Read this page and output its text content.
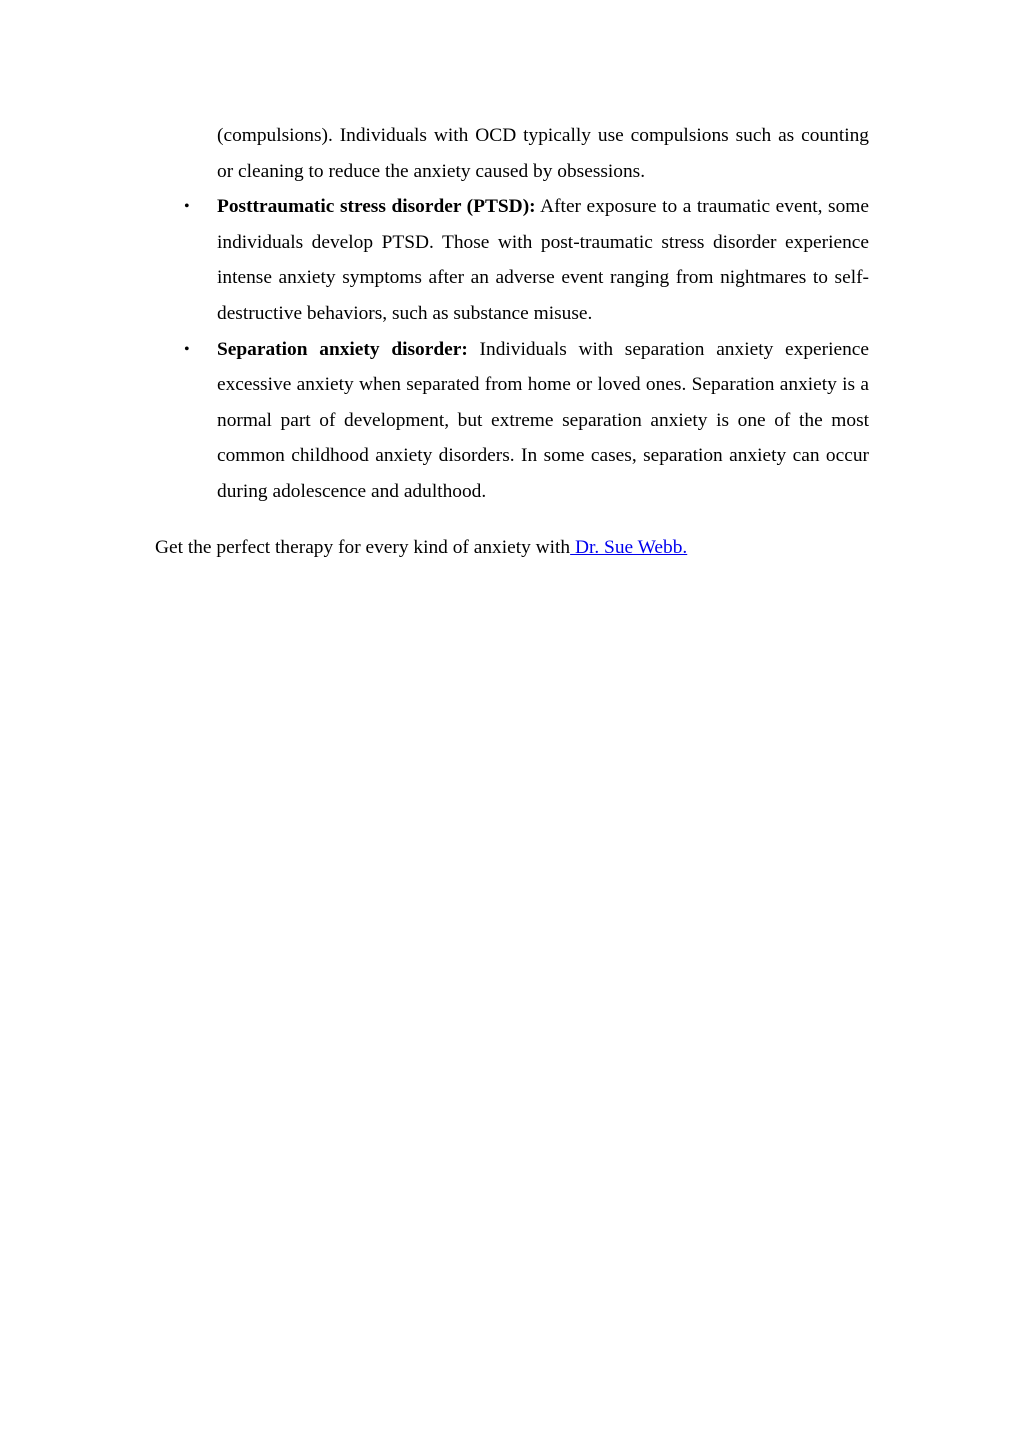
(compulsions). Individuals with OCD typically use compulsions such as counting or cleaning to reduce the anxiety caused by obsessions.

• Posttraumatic stress disorder (PTSD): After exposure to a traumatic event, some individuals develop PTSD. Those with post-traumatic stress disorder experience intense anxiety symptoms after an adverse event ranging from nightmares to self-destructive behaviors, such as substance misuse.
• Separation anxiety disorder: Individuals with separation anxiety experience excessive anxiety when separated from home or loved ones. Separation anxiety is a normal part of development, but extreme separation anxiety is one of the most common childhood anxiety disorders. In some cases, separation anxiety can occur during adolescence and adulthood.

Get the perfect therapy for every kind of anxiety with Dr. Sue Webb.
